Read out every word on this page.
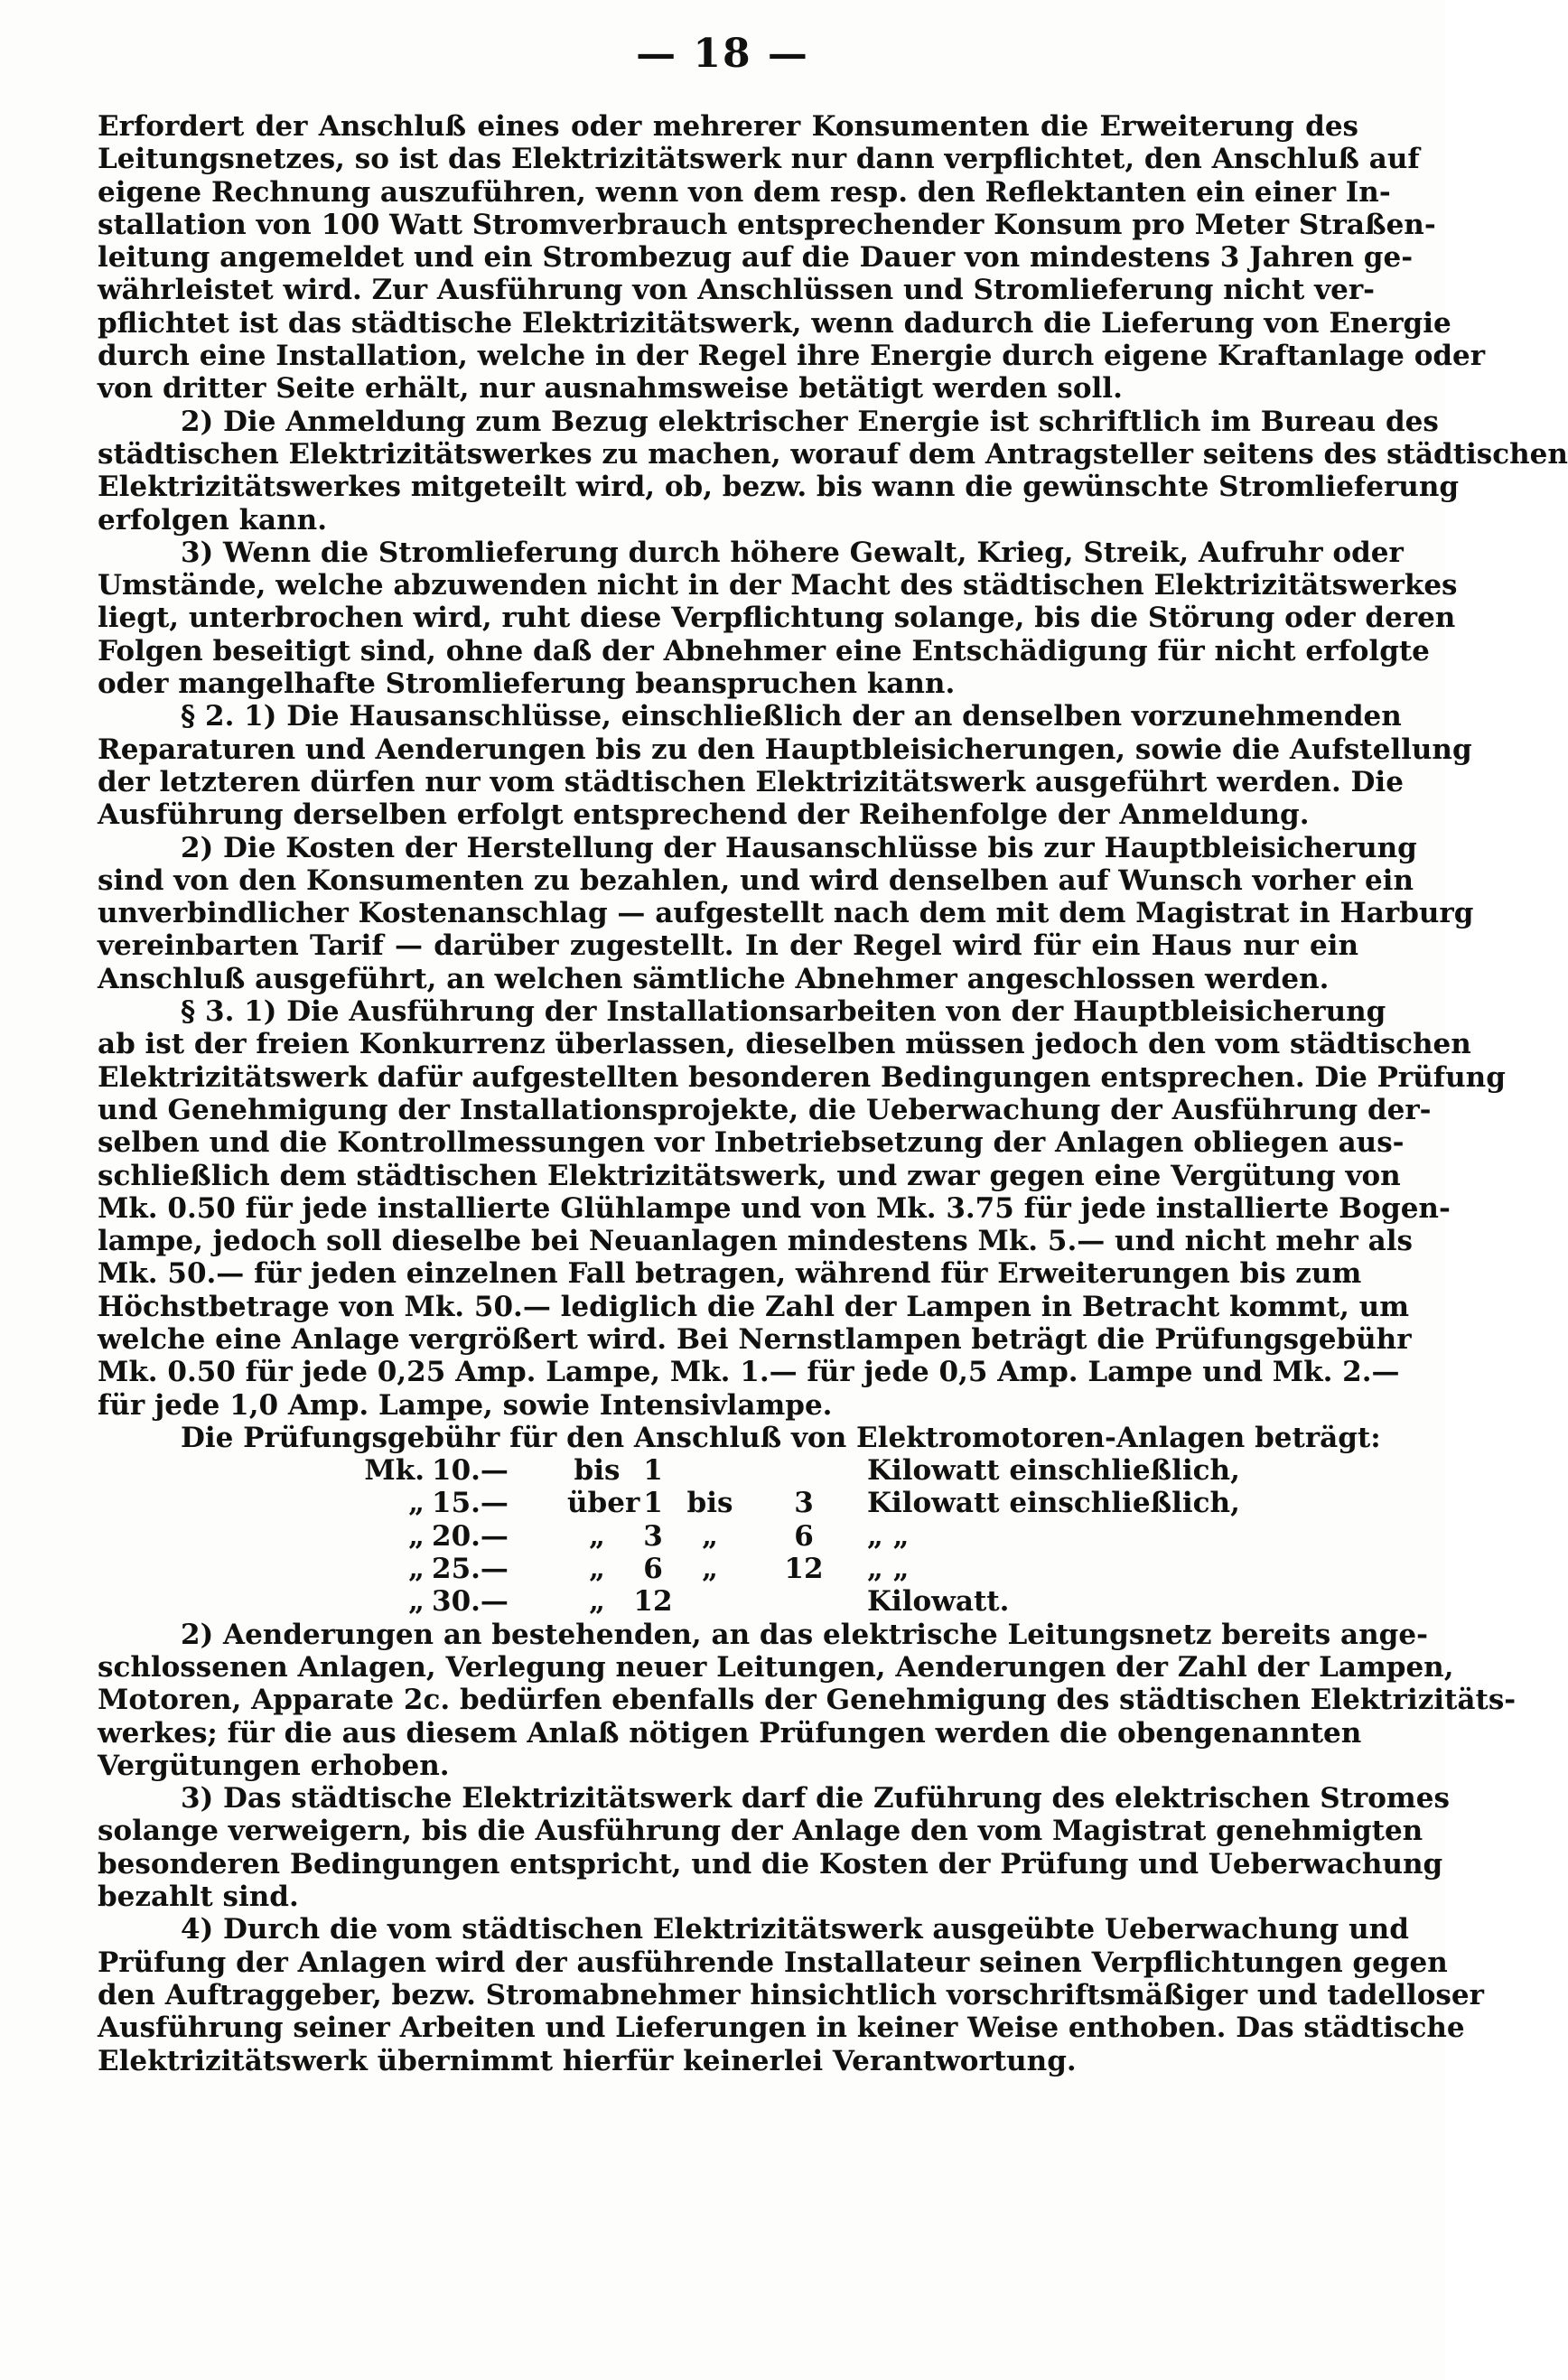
— 18 —

Erfordert der Anschluß eines oder mehrerer Konsumenten die Erweiterung des
Leitungsnetzes, so ist das Elektrizitätswerk nur dann verpflichtet, den Anschluß auf
eigene Rechnung auszuführen, wenn von dem resp. den Reflektanten ein einer In-
stallation von 100 Watt Stromverbrauch entsprechender Konsum pro Meter Straßen-
leitung angemeldet und ein Strombezug auf die Dauer von mindestens 3 Jahren ge-
währleistet wird. Zur Ausführung von Anschlüssen und Stromlieferung nicht ver-
pflichtet ist das städtische Elektrizitätswerk, wenn dadurch die Lieferung von Energie
durch eine Installation, welche in der Regel ihre Energie durch eigene Kraftanlage oder
von dritter Seite erhält, nur ausnahmsweise betätigt werden soll.

2) Die Anmeldung zum Bezug elektrischer Energie ist schriftlich im Bureau des
städtischen Elektrizitätswerkes zu machen, worauf dem Antragsteller seitens des städtischen
Elektrizitätswerkes mitgeteilt wird, ob, bezw. bis wann die gewünschte Stromlieferung
erfolgen kann.

3) Wenn die Stromlieferung durch höhere Gewalt, Krieg, Streik, Aufruhr oder
Umstände, welche abzuwenden nicht in der Macht des städtischen Elektrizitätswerkes
liegt, unterbrochen wird, ruht diese Verpflichtung solange, bis die Störung oder deren
Folgen beseitigt sind, ohne daß der Abnehmer eine Entschädigung für nicht erfolgte
oder mangelhafte Stromlieferung beanspruchen kann.

§ 2. 1) Die Hausanschlüsse, einschließlich der an denselben vorzunehmenden
Reparaturen und Aenderungen bis zu den Hauptbleisicherungen, sowie die Aufstellung
der letzteren dürfen nur vom städtischen Elektrizitätswerk ausgeführt werden. Die
Ausführung derselben erfolgt entsprechend der Reihenfolge der Anmeldung.

2) Die Kosten der Herstellung der Hausanschlüsse bis zur Hauptbleisicherung
sind von den Konsumenten zu bezahlen, und wird denselben auf Wunsch vorher ein
unverbindlicher Kostenanschlag — aufgestellt nach dem mit dem Magistrat in Harburg
vereinbarten Tarif — darüber zugestellt. In der Regel wird für ein Haus nur ein
Anschluß ausgeführt, an welchen sämtliche Abnehmer angeschlossen werden.

§ 3. 1) Die Ausführung der Installationsarbeiten von der Hauptbleisicherung
ab ist der freien Konkurrenz überlassen, dieselben müssen jedoch den vom städtischen
Elektrizitätswerk dafür aufgestellten besonderen Bedingungen entsprechen. Die Prüfung
und Genehmigung der Installationsprojekte, die Ueberwachung der Ausführung der-
selben und die Kontrollmessungen vor Inbetriebsetzung der Anlagen obliegen aus-
schließlich dem städtischen Elektrizitätswerk, und zwar gegen eine Vergütung von
Mk. 0.50 für jede installierte Glühlampe und von Mk. 3.75 für jede installierte Bogen-
lampe, jedoch soll dieselbe bei Neuanlagen mindestens Mk. 5.— und nicht mehr als
Mk. 50.— für jeden einzelnen Fall betragen, während für Erweiterungen bis zum
Höchstbetrage von Mk. 50.— lediglich die Zahl der Lampen in Betracht kommt, um
welche eine Anlage vergrößert wird. Bei Nernstlampen beträgt die Prüfungsgebühr
Mk. 0.50 für jede 0,25 Amp. Lampe, Mk. 1.— für jede 0,5 Amp. Lampe und Mk. 2.—
für jede 1,0 Amp. Lampe, sowie Intensivlampe.

Die Prüfungsgebühr für den Anschluß von Elektromotoren-Anlagen beträgt:

Mk. 10.—	bis 1	Kilowatt einschließlich,
„ 15.—	über 1 bis	3	Kilowatt einschließlich,
„ 20.—	„	3	„	6	„ „
„ 25.—	„	6	„	12	„ „
„ 30.—	„	12	Kilowatt.

2) Aenderungen an bestehenden, an das elektrische Leitungsnetz bereits ange-
schlossenen Anlagen, Verlegung neuer Leitungen, Aenderungen der Zahl der Lampen,
Motoren, Apparate 2c. bedürfen ebenfalls der Genehmigung des städtischen Elektrizitäts-
werkes; für die aus diesem Anlaß nötigen Prüfungen werden die obengenannten
Vergütungen erhoben.

3) Das städtische Elektrizitätswerk darf die Zuführung des elektrischen Stromes
solange verweigern, bis die Ausführung der Anlage den vom Magistrat genehmigten
besonderen Bedingungen entspricht, und die Kosten der Prüfung und Ueberwachung
bezahlt sind.

4) Durch die vom städtischen Elektrizitätswerk ausgeübte Ueberwachung und
Prüfung der Anlagen wird der ausführende Installateur seinen Verpflichtungen gegen
den Auftraggeber, bezw. Stromabnehmer hinsichtlich vorschriftsmäßiger und tadelloser
Ausführung seiner Arbeiten und Lieferungen in keiner Weise enthoben. Das städtische
Elektrizitätswerk übernimmt hierfür keinerlei Verantwortung.
